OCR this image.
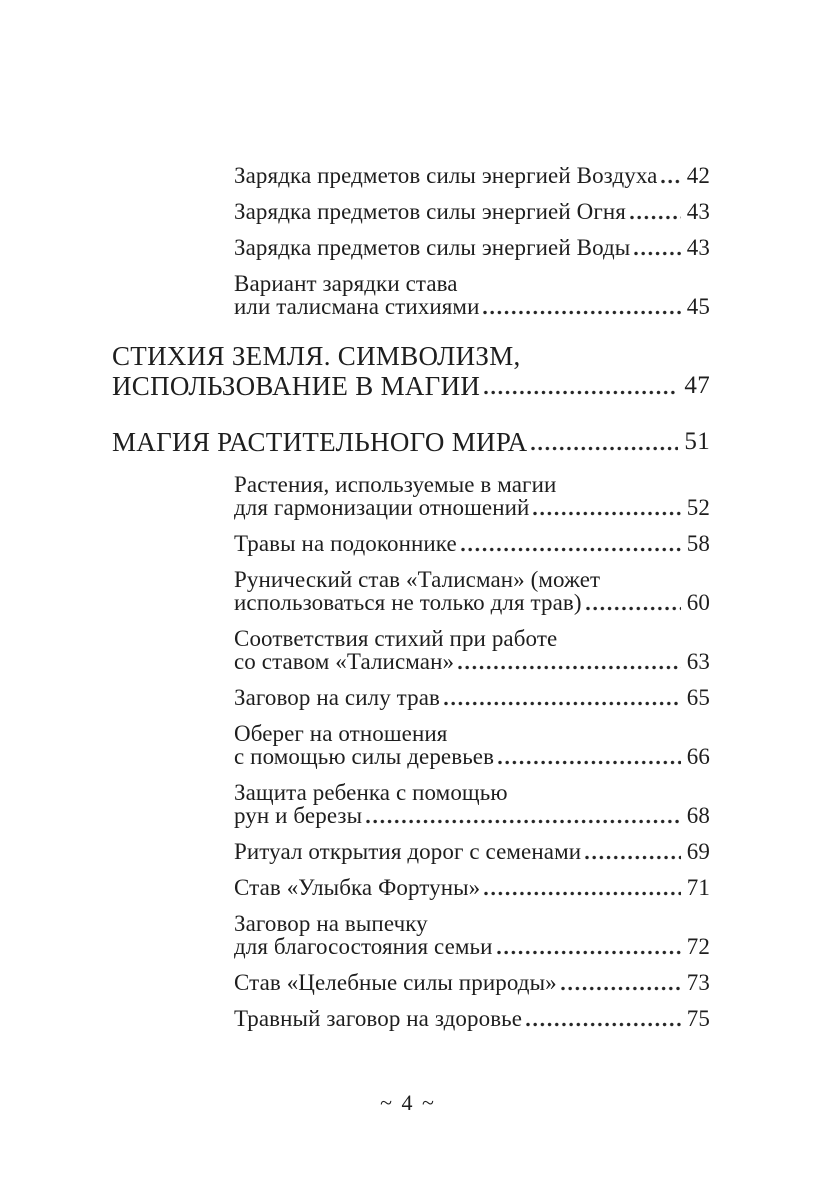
Зарядка предметов силы энергией Воздуха 42
Зарядка предметов силы энергией Огня	43
Зарядка предметов силы энергией Воды 43
Вариант зарядки става
или талисмана стихиями	45
СТИХИЯ ЗЕМЛЯ. СИМВОЛИЗМ,
ИСПОЛЬЗОВАНИЕ В МАГИИ	47
МАГИЯ РАСТИТЕЛЬНОГО МИРА	51
Растения, используемые в магии
для гармонизации отношений	52
Травы на подоконнике	58
Рунический став «Талисман» (может
использоваться не только для трав)	60
Соответствия стихий при работе
со ставом «Талисман»	63
Заговор на силу трав	65
Оберег на отношения
с помощью силы деревьев	66
Защита ребенка с помощью
рун и березы	68
Ритуал открытия дорог с семенами	69
Став «Улыбка Фортуны»	71
Заговор на выпечку
для благосостояния семьи	72
Став «Целебные силы природы»	73
Травный заговор на здоровье	75
~ 4 ~
